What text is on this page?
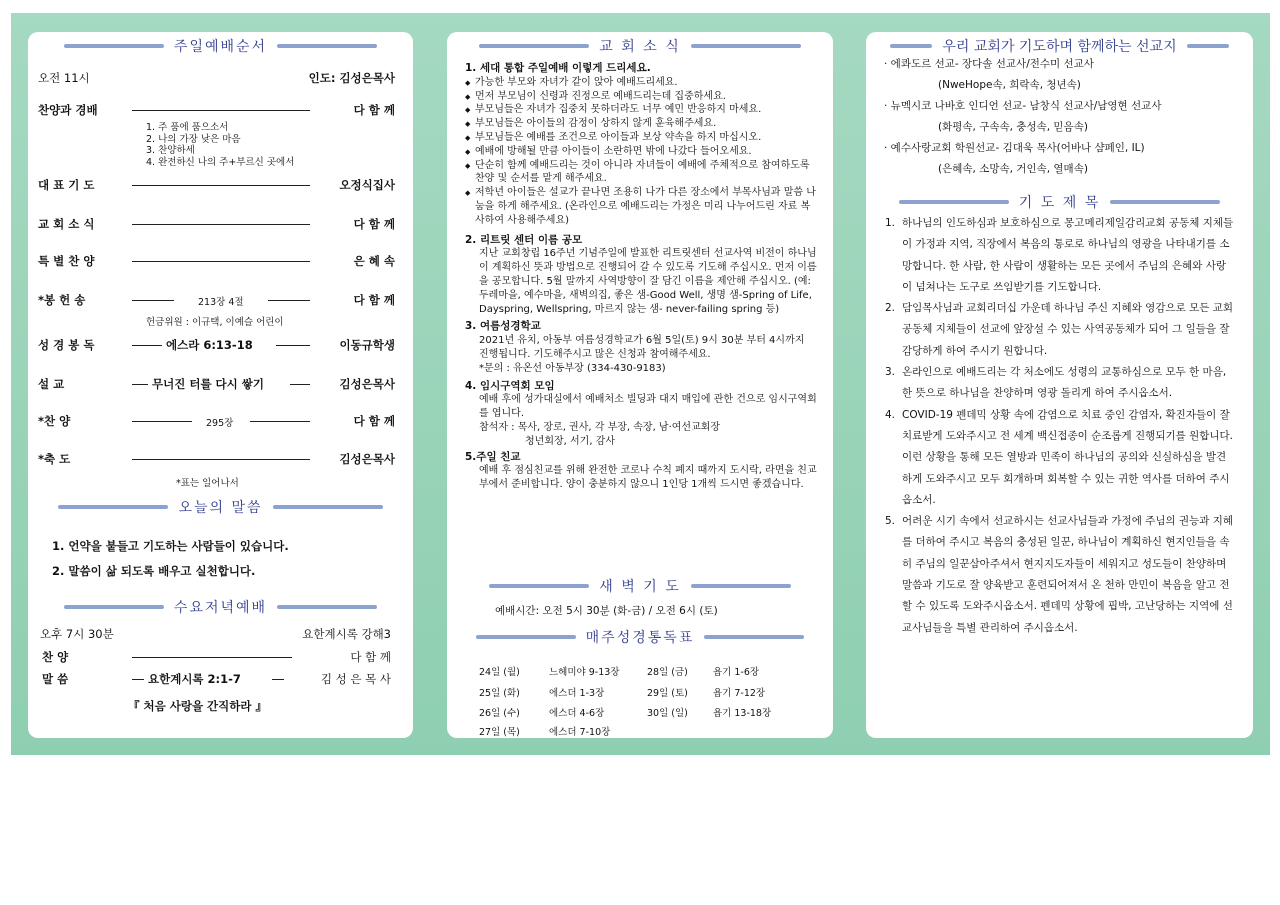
주일예배순서
오전 11시	인도: 김성은목사
찬양과 경배	다 함 께
1. 주 품에 품으소서
2. 나의 가장 낮은 마음
3. 찬양하세
4. 완전하신 나의 주+부르신 곳에서
대 표 기 도	오정식집사
교 회 소 식	다 함 께
특 별 찬 양	은 혜 속
*봉 헌 송	213장 4절	다 함 께
헌금위원 : 이규택, 이예슬 어린이
성 경 봉 독	에스라 6:13-18	이동규학생
설 교	무너진 터를 다시 쌓기	김성은목사
*찬 양	295장	다 함 께
*축 도	김성은목사
*표는 일어나서
오늘의 말씀
1. 언약을 붙들고 기도하는 사람들이 있습니다.
2. 말씀이 삶 되도록 배우고 실천합니다.
수요저녁예배
오후 7시 30분	요한계시록 강해3
찬 양	다 함 께
말 씀	요한계시록 2:1-7	김 성 은 목 사
『 처음 사랑을 간직하라 』
교 회 소 식
1. 세대 통합 주일예배 이렇게 드리세요.
◆ 가능한 부모와 자녀가 같이 앉아 예배드리세요.
◆ 먼저 부모님이 신령과 진정으로 예배드리는데 집중하세요.
◆ 부모님들은 자녀가 집중치 못하더라도 너무 예민 반응하지 마세요.
◆ 부모님들은 아이들의 감정이 상하지 않게 훈육해주세요.
◆ 부모님들은 예배를 조건으로 아이들과 보상 약속을 하지 마십시오.
◆ 예배에 방해될 만큼 아이들이 소란하면 밖에 나갔다 들어오세요.
◆ 단순히 함께 예배드리는 것이 아니라 자녀들이 예배에 주체적으로 참여하도록 찬양 및 순서를 맡게 해주세요.
◆ 저학년 아이들은 설교가 끝나면 조용히 나가 다른 장소에서 부목사님과 말씀 나눔을 하게 해주세요. (온라인으로 예배드리는 가정은 미리 나누어드린 자료 복사하여 사용해주세요)
2. 리트릿 센터 이름 공모
지난 교회창립 16주년 기념주일에 발표한 리트릿센터 선교사역 비전이 하나님이 계획하신 뜻과 방법으로 진행되어 갈 수 있도록 기도해 주십시오. 먼저 이름을 공모합니다. 5월 말까지 사역방향이 잘 담긴 이름을 제안해 주십시오. (예: 두레마을, 예수마을, 새벽의집, 좋은 샘-Good Well, 생명 샘-Spring of Life, Dayspring, Wellspring, 마르지 않는 샘- never-failing spring 등)
3. 여름성경학교
2021년 유치, 아동부 여름성경학교가 6월 5일(토) 9시 30분 부터 4시까지 진행됩니다. 기도해주시고 많은 신청과 참여해주세요.
*문의 : 유온선 아동부장 (334-430-9183)
4. 임시구역회 모임
예배 후에 성가대실에서 예배처소 빌딩과 대지 매입에 관한 건으로 임시구역회를 엽니다.
참석자 : 목사, 장로, 권사, 각 부장, 속장, 남·여선교회장
청년회장, 서기, 감사
5.주일 친교
예배 후 점심친교를 위해 완전한 코로나 수칙 폐지 때까지 도시락, 라면을 친교부에서 준비합니다. 양이 충분하지 않으니 1인당 1개씩 드시면 좋겠습니다.
새 벽 기 도
예배시간: 오전 5시 30분 (화-금) / 오전 6시 (토)
매주성경통독표
24일 (월)	느헤미야 9-13장	28일 (금)	욥기 1-6장
25일 (화)	에스더 1-3장	29일 (토)	욥기 7-12장
26일 (수)	에스더 4-6장	30일 (일)	욥기 13-18장
27일 (목)	에스더 7-10장
우리 교회가 기도하며 함께하는 선교지
· 에콰도르 선교- 장다솔 선교사/전수미 선교사
(NweHope속, 희락속, 청년속)
· 뉴멕시코 나바호 인디언 선교- 남창식 선교사/남영현 선교사
(화평속, 구속속, 충성속, 믿음속)
· 예수사랑교회 학원선교- 김대욱 목사(어바나 샴페인, IL)
(은혜속, 소망속, 거인속, 열매속)
기 도 제 목
1. 하나님의 인도하심과 보호하심으로 몽고메리제일감리교회 공동체 지체들이 가정과 지역, 직장에서 복음의 통로로 하나님의 영광을 나타내기를 소망합니다. 한 사람, 한 사람이 생활하는 모든 곳에서 주님의 은혜와 사랑이 넘쳐나는 도구로 쓰임받기를 기도합니다.
2. 담임목사님과 교회리더십 가운데 하나님 주신 지혜와 영감으로 모든 교회공동체 지체들이 선교에 앞장설 수 있는 사역공동체가 되어 그 일들을 잘 감당하게 하여 주시기 원합니다.
3. 온라인으로 예배드리는 각 처소에도 성령의 교통하심으로 모두 한 마음, 한 뜻으로 하나님을 찬양하며 영광 돌리게 하여 주시옵소서.
4. COVID-19 펜데믹 상황 속에 감염으로 치료 중인 감염자, 확진자들이 잘 치료받게 도와주시고 전 세계 백신접종이 순조롭게 진행되기를 원합니다. 이런 상황을 통해 모든 열방과 민족이 하나님의 공의와 신실하심을 발견하게 도와주시고 모두 회개하며 회복할 수 있는 귀한 역사를 더하여 주시옵소서.
5. 어려운 시기 속에서 선교하시는 선교사님들과 가정에 주님의 권능과 지혜를 더하여 주시고 복음의 충성된 일꾼, 하나님이 계획하신 현지인들을 속히 주님의 일꾼삼아주셔서 현지지도자들이 세워지고 성도들이 찬양하며 말씀과 기도로 잘 양육받고 훈련되어져서 온 천하 만민이 복음을 알고 전할 수 있도록 도와주시옵소서. 펜데믹 상황에 핍박, 고난당하는 지역에 선교사님들을 특별 관리하여 주시옵소서.
